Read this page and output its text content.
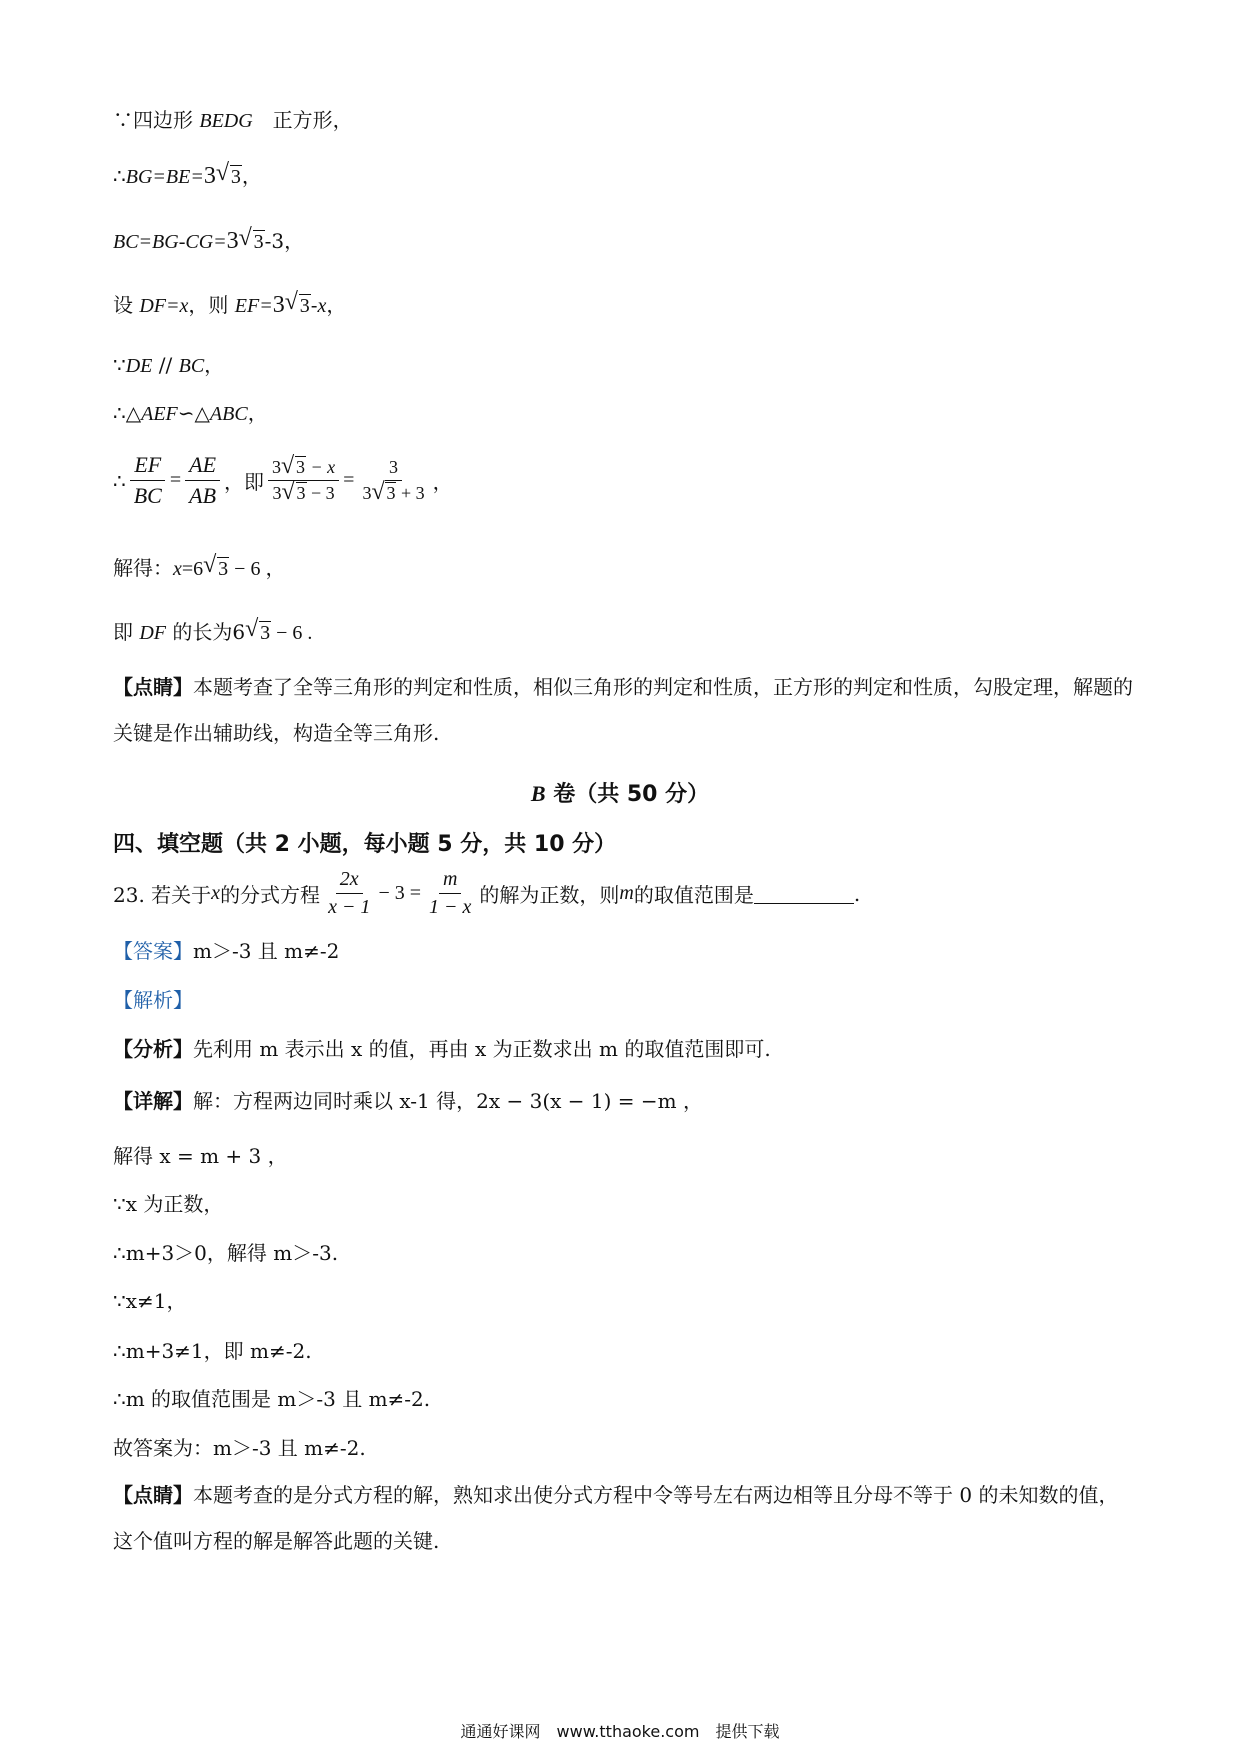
∵四边形 BEDG　正方形，
∴BG=BE=3 √ 3，
BC=BG-CG=3 √ 3-3，
设 DF=x，则 EF=3 √ 3-x，
∵DE // BC，
∴△AEF∽△ABC，
∴ $\frac{EF}{BC} = \frac{AE}{AB}$ ，即 $\frac{3 √ 3 - x}{3 √ 3 - 3} = \frac{3}{3 √ 3 + 3}$ ，
解得：x=6 √ 3 − 6 ，
即 DF 的长为6 √ 3 − 6 .
【点睛】本题考查了全等三角形的判定和性质，相似三角形的判定和性质，正方形的判定和性质，勾股定理，解题的关键是作出辅助线，构造全等三角形.
B 卷（共 50 分）
四、填空题（共 2 小题，每小题 5 分，共 10 分）
23. 若关于 x 的分式方程 $\frac{2x}{x - 1} - 3 = \frac{m}{1 - x}$ 的解为正数，则 m 的取值范围是	.
【答案】m＞-3 且 m≠-2
【解析】
【分析】先利用 m 表示出 x 的值，再由 x 为正数求出 m 的取值范围即可.
【详解】解：方程两边同时乘以 x-1 得，2x − 3(x − 1) = −m ，
解得 x = m + 3 ，
∵x 为正数，
∴m+3＞0，解得 m＞-3.
∵x≠1，
∴m+3≠1，即 m≠-2.
∴m 的取值范围是 m＞-3 且 m≠-2.
故答案为：m＞-3 且 m≠-2.
【点睛】本题考查的是分式方程的解，熟知求出使分式方程中令等号左右两边相等且分母不等于 0 的未知数的值，这个值叫方程的解是解答此题的关键.
通通好课网　www.tthaoke.com　提供下载
